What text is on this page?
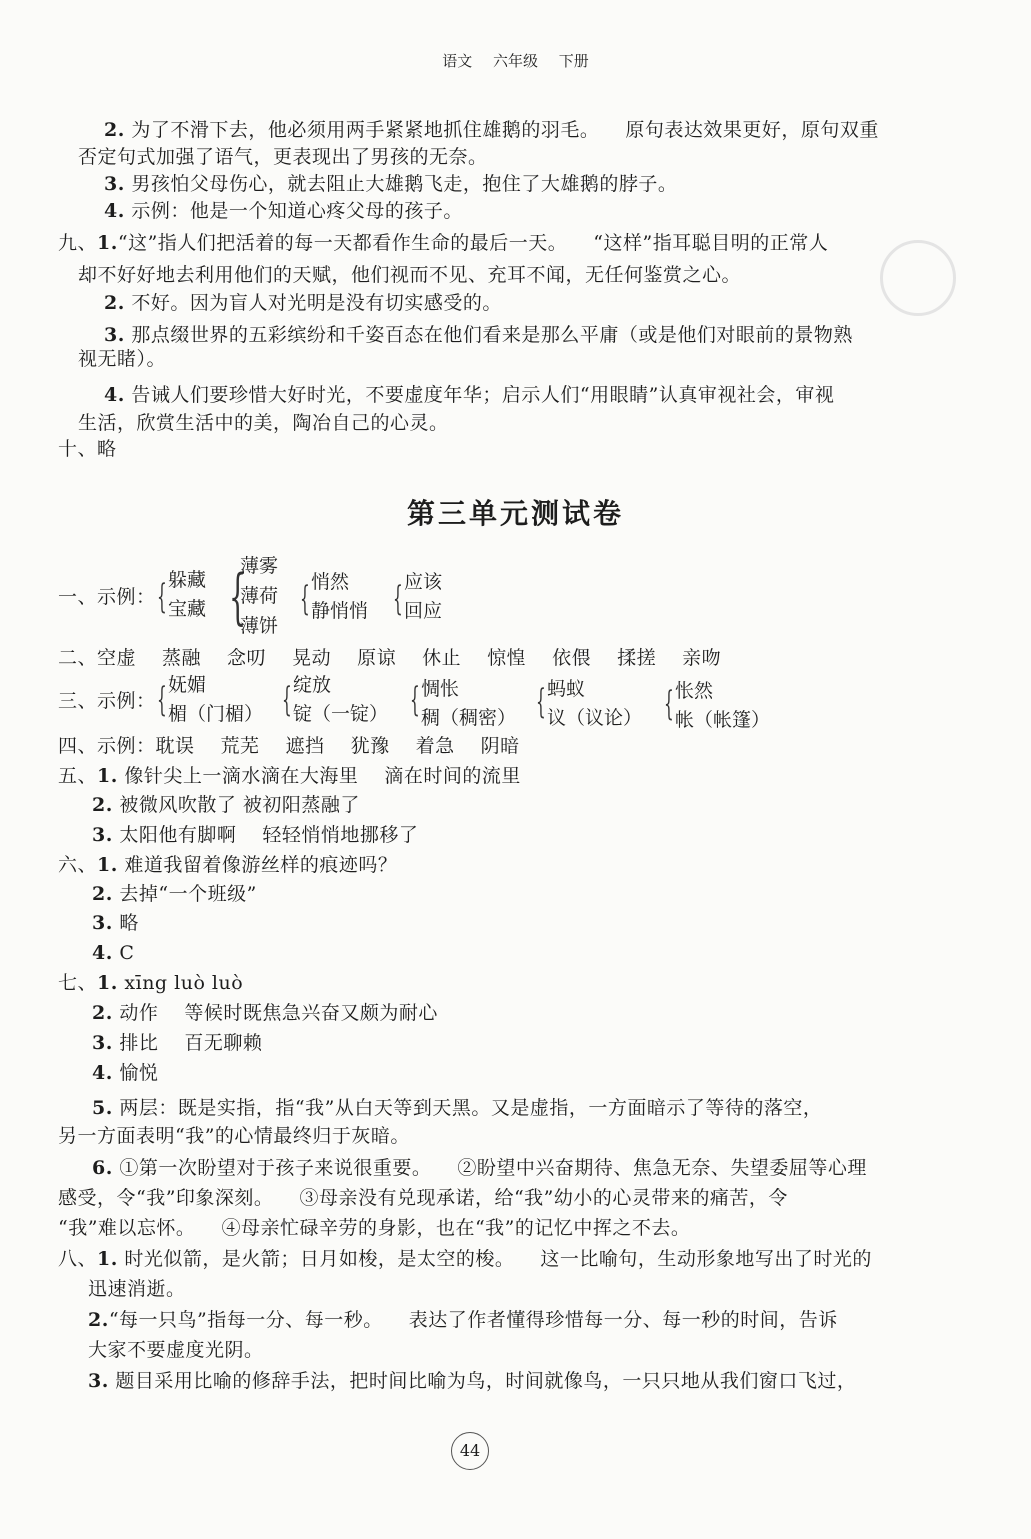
语文 六年级 下册
2. 为了不滑下去，他必须用两手紧紧地抓住雄鹅的羽毛。 原句表达效果更好，原句双重
否定句式加强了语气，更表现出了男孩的无奈。
3. 男孩怕父母伤心，就去阻止大雄鹅飞走，抱住了大雄鹅的脖子。
4. 示例：他是一个知道心疼父母的孩子。
九、1.“这”指人们把活着的每一天都看作生命的最后一天。 “这样”指耳聪目明的正常人
却不好好地去利用他们的天赋，他们视而不见、充耳不闻，无任何鉴赏之心。
2. 不好。因为盲人对光明是没有切实感受的。
3. 那点缀世界的五彩缤纷和千姿百态在他们看来是那么平庸（或是他们对眼前的景物熟
视无睹）。
4. 告诫人们要珍惜大好时光，不要虚度年华；启示人们“用眼睛”认真审视社会，审视
生活，欣赏生活中的美，陶冶自己的心灵。
十、略
第三单元测试卷
一、示例： { 躲藏
宝藏 {
薄雾
薄荷
薄饼
{ 悄然
静悄悄 { 应该
回应
二、空虚 蒸融 念叨 晃动 原谅 休止 惊惶 依偎 揉搓 亲吻
三、示例： { 妩媚
楣（门楣） { 绽放
锭（一锭） { 惆怅
稠（稠密） { 蚂蚁
议（议论） { 怅然
帐（帐篷）
四、示例：耽误 荒芜 遮挡 犹豫 着急 阴暗
五、1. 像针尖上一滴水滴在大海里 滴在时间的流里
2. 被微风吹散了 被初阳蒸融了
3. 太阳他有脚啊 轻轻悄悄地挪移了
六、1. 难道我留着像游丝样的痕迹吗？
2. 去掉“一个班级”
3. 略
4. C
七、1. xīng luò luò
2. 动作 等候时既焦急兴奋又颇为耐心
3. 排比 百无聊赖
4. 愉悦
5. 两层：既是实指，指“我”从白天等到天黑。又是虚指，一方面暗示了等待的落空，
另一方面表明“我”的心情最终归于灰暗。
6. ①第一次盼望对于孩子来说很重要。 ②盼望中兴奋期待、焦急无奈、失望委屈等心理
感受，令“我”印象深刻。 ③母亲没有兑现承诺，给“我”幼小的心灵带来的痛苦，令
“我”难以忘怀。 ④母亲忙碌辛劳的身影，也在“我”的记忆中挥之不去。
八、1. 时光似箭，是火箭；日月如梭，是太空的梭。 这一比喻句，生动形象地写出了时光的
迅速消逝。
2.“每一只鸟”指每一分、每一秒。 表达了作者懂得珍惜每一分、每一秒的时间，告诉
大家不要虚度光阴。
3. 题目采用比喻的修辞手法，把时间比喻为鸟，时间就像鸟，一只只地从我们窗口飞过，
44
